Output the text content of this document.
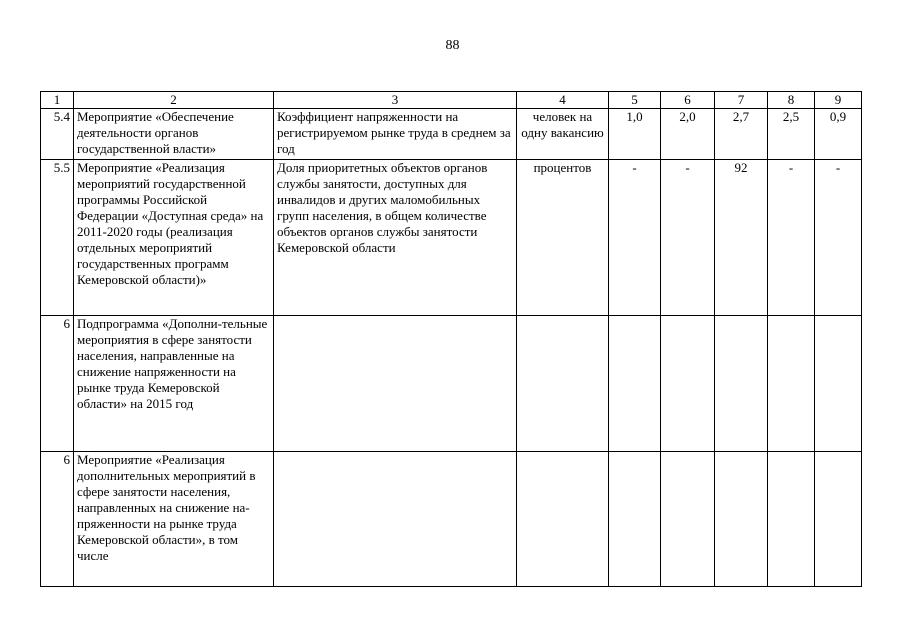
88
1	2	3	4	5	6	7	8	9
5.4	Мероприятие «Обеспечение деятельности органов государственной власти»	Коэффициент напряженности на регистрируемом рынке труда в среднем за год	человек на одну вакансию	1,0	2,0	2,7	2,5	0,9
5.5	Мероприятие «Реализация мероприятий государственной программы Российской Федерации «Доступная среда» на 2011-2020 годы (реализация отдельных мероприятий государственных программ Кемеровской области)»	Доля приоритетных объектов органов службы занятости, доступных для инвалидов и других маломобильных групп населения, в общем количестве объектов органов службы занятости Кемеровской области	процентов	-	-	92	-	-
6	Подпрограмма «Дополни-тельные мероприятия в сфере занятости населения, направленные на снижение напряженности на рынке труда Кемеровской области» на 2015 год							
6	Мероприятие «Реализация дополнительных мероприятий в сфере занятости населения, направленных на снижение на-пряженности на рынке труда Кемеровской области», в том числе							
